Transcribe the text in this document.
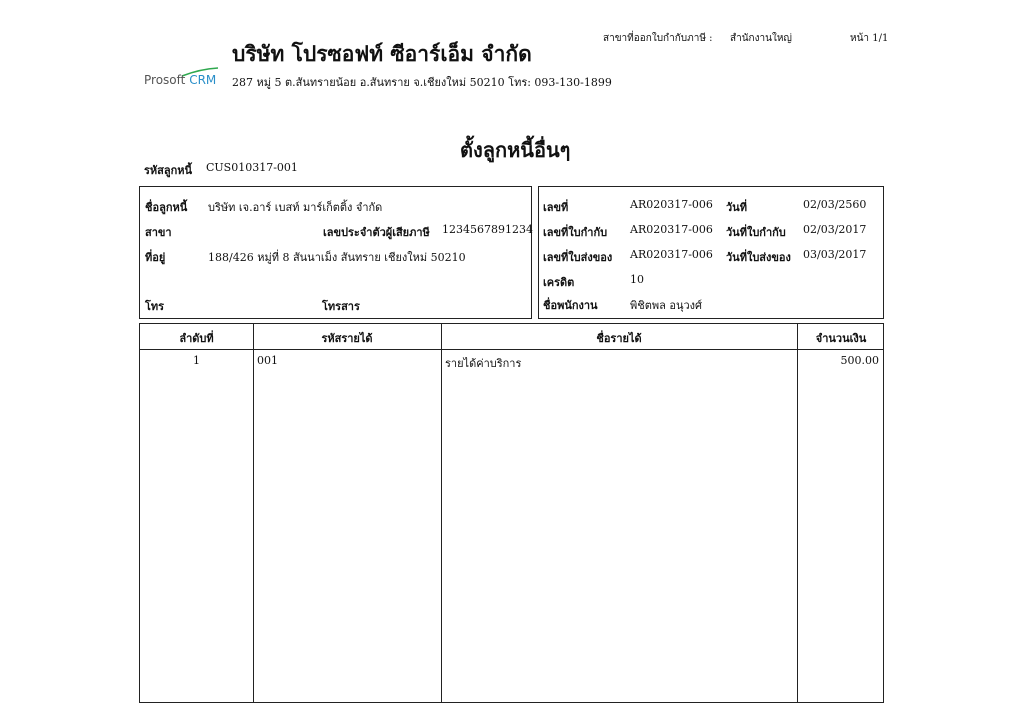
บริษัท โปรซอฟท์ ซีอาร์เอ็ม จำกัด
Prosoft CRM 287 หมู่ 5 ต.สันทรายน้อย อ.สันทราย จ.เชียงใหม่ 50210 โทร: 093-130-1899
สาขาที่ออกใบกำกับภาษี : สำนักงานใหญ่	หน้า 1/1
ตั้งลูกหนี้อื่นๆ
รหัสลูกหนี้ CUS010317-001
ชื่อลูกหนี้ บริษัท เจ.อาร์ เบสท์ มาร์เก็ตติ้ง จำกัด
สาขา	เลขประจำตัวผู้เสียภาษี 1234567891234
ที่อยู่	188/426 หมู่ที่ 8 สันนาเม็ง สันทราย เชียงใหม่ 50210
โทร	โทรสาร
เลขที่	AR020317-006 วันที่	02/03/2560
เลขที่ใบกำกับ AR020317-006 วันที่ใบกำกับ 02/03/2017
เลขที่ใบส่งของ AR020317-006 วันที่ใบส่งของ 03/03/2017
เครดิต	10
ชื่อพนักงาน	พิชิตพล อนุวงศ์
ลำดับที่	รหัสรายได้	ชื่อรายได้	จำนวนเงิน
1	001	รายได้ค่าบริการ	500.00
